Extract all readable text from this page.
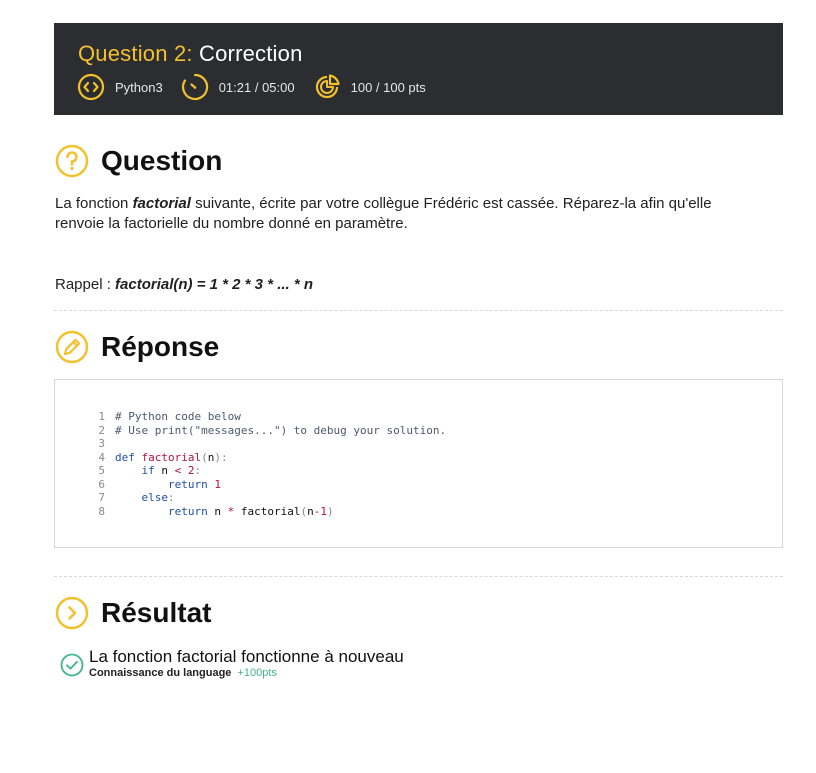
Question 2: Correction
Python3	01:21 / 05:00	100 / 100 pts
Question
La fonction factorial suivante, écrite par votre collègue Frédéric est cassée. Réparez-la afin qu'elle renvoie la factorielle du nombre donné en paramètre.
Rappel : factorial(n) = 1 * 2 * 3 * ... * n
Réponse
1 # Python code below
2 # Use print("messages...") to debug your solution.
3
4 def factorial(n):
5	if n < 2:
6	return 1
7	else:
8	return n * factorial(n-1)
Résultat
La fonction factorial fonctionne à nouveau
Connaissance du language +100pts
